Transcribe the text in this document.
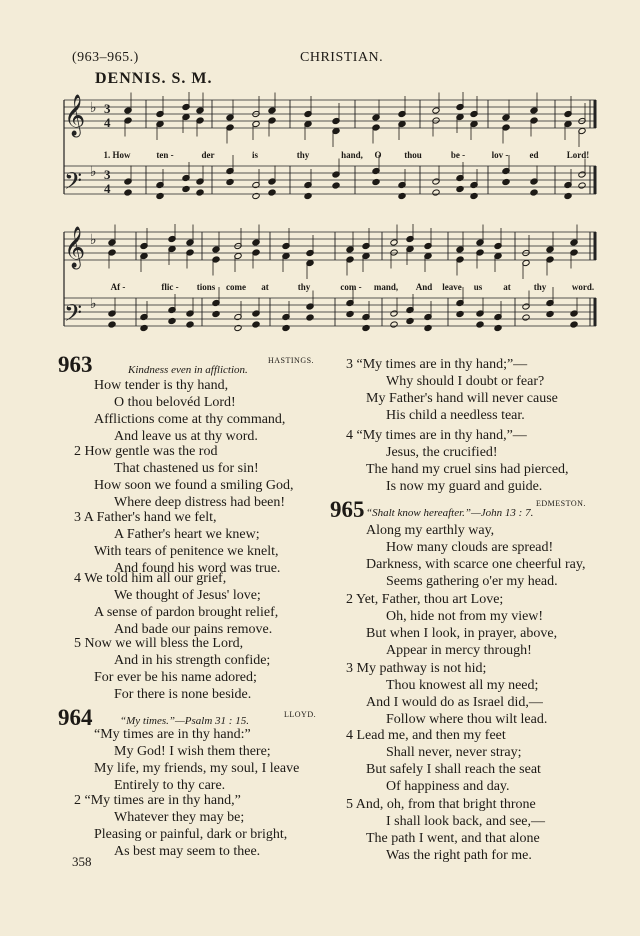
(963–965.)	CHRISTIAN.
DENNIS. S. M.
𝄞 ♭
𝄢 ♭
3
4
3
4
1. How	ten -	der	is	thy	hand, O	thou	be -	lov - ed	Lord!
𝄞 ♭
𝄢 ♭
Af -	flic - tions come at	thy	com - mand, And leave us at	thy	word.
963	Kindness even in affliction.
HASTINGS.
How tender is thy hand,
O thou belovéd Lord!
Afflictions come at thy command,
And leave us at thy word.
2 How gentle was the rod
That chastened us for sin!
How soon we found a smiling God,
Where deep distress had been!
3 A Father's hand we felt,
A Father's heart we knew;
With tears of penitence we knelt,
And found his word was true.
4 We told him all our grief,
We thought of Jesus' love;
A sense of pardon brought relief,
And bade our pains remove.
5 Now we will bless the Lord,
And in his strength confide;
For ever be his name adored;
For there is none beside.
964	“My times.”—Psalm 31 : 15.
LLOYD.
“My times are in thy hand:”
My God! I wish them there;
My life, my friends, my soul, I leave
Entirely to thy care.
2 “My times are in thy hand,”
Whatever they may be;
Pleasing or painful, dark or bright,
As best may seem to thee.
358
3 “My times are in thy hand;”—
Why should I doubt or fear?
My Father's hand will never cause
His child a needless tear.
4 “My times are in thy hand,”—
Jesus, the crucified!
The hand my cruel sins had pierced,
Is now my guard and guide.
965 “Shalt know hereafter.”—John 13 : 7.
EDMESTON.
Along my earthly way,
How many clouds are spread!
Darkness, with scarce one cheerful ray,
Seems gathering o'er my head.
2 Yet, Father, thou art Love;
Oh, hide not from my view!
But when I look, in prayer, above,
Appear in mercy through!
3 My pathway is not hid;
Thou knowest all my need;
And I would do as Israel did,—
Follow where thou wilt lead.
4 Lead me, and then my feet
Shall never, never stray;
But safely I shall reach the seat
Of happiness and day.
5 And, oh, from that bright throne
I shall look back, and see,—
The path I went, and that alone
Was the right path for me.
